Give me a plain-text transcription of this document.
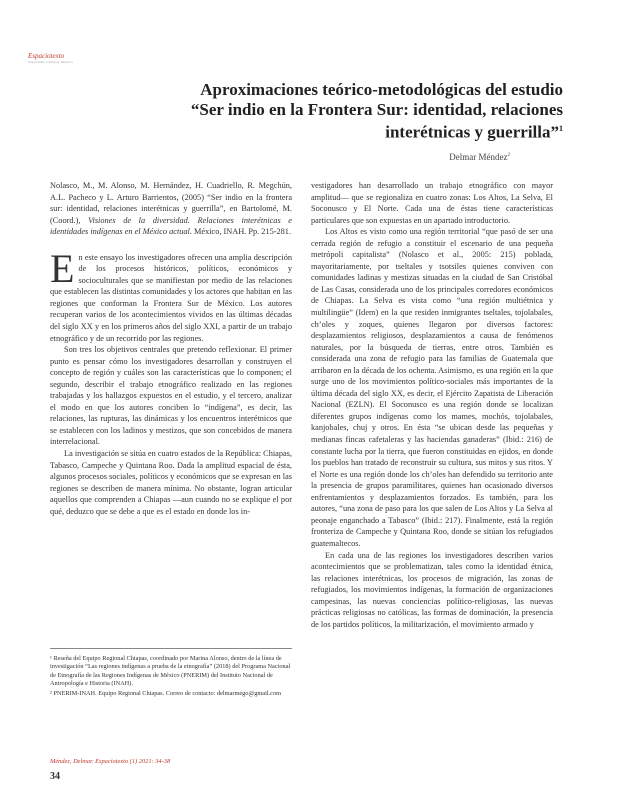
Espaciotexto
Tapachula Chiapas México
Aproximaciones teórico-metodológicas del estudio
“Ser indio en la Frontera Sur: identidad, relaciones
interétnicas y guerrilla”$^1$
Delmar Méndez$^2$

Nolasco, M., M. Alonso, M. Hernández, H. Cuadriello, R. Megchún, A.L. Pacheco y L. Arturo Barrientos, (2005) “Ser indio en la frontera sur: identidad, relaciones interétnicas y guerrilla”, en Bartolomé, M. (Coord.), Visiones de la diversidad. Relaciones interétnicas e identidades indígenas en el México actual. México, INAH. Pp. 215-281.

En este ensayo los investigadores ofrecen una amplia descripción de los procesos históricos, políticos, económicos y socioculturales que se manifiestan por medio de las relaciones que establecen las distintas comunidades y los actores que habitan en las regiones que conforman la Frontera Sur de México. Los autores recuperan varios de los acontecimientos vividos en las últimas décadas del siglo XX y en los primeros años del siglo XXI, a partir de un trabajo etnográfico y de un recorrido por las regiones.

Son tres los objetivos centrales que pretendo reflexionar. El primer punto es pensar cómo los investigadores desarrollan y construyen el concepto de región y cuáles son las características que lo componen; el segundo, describir el trabajo etnográfico realizado en las regiones trabajadas y los hallazgos expuestos en el estudio, y el tercero, analizar el modo en que los autores conciben lo “indígena”, es decir, las relaciones, las rupturas, las dinámicas y los encuentros interétnicos que se establecen con los ladinos y mestizos, que son concebidos de manera interrelacional.

La investigación se sitúa en cuatro estados de la República: Chiapas, Tabasco, Campeche y Quintana Roo. Dada la amplitud espacial de ésta, algunos procesos sociales, políticos y económicos que se expresan en las regiones se describen de manera mínima. No obstante, logran articular aquellos que comprenden a Chiapas —aun cuando no se explique el por qué, deduzco que se debe a que es el estado en donde los in-

vestigadores han desarrollado un trabajo etnográfico con mayor amplitud— que se regionaliza en cuatro zonas: Los Altos, La Selva, El Soconusco y El Norte. Cada una de éstas tiene características particulares que son expuestas en un apartado introductorio.

Los Altos es visto como una región territorial “que pasó de ser una cerrada región de refugio a constituir el escenario de una pequeña metrópoli capitalista” (Nolasco et al., 2005: 215) poblada, mayoritariamente, por tseltales y tsotsiles quienes conviven con comunidades ladinas y mestizas situadas en la ciudad de San Cristóbal de Las Casas, considerada uno de los principales corredores económicos de Chiapas. La Selva es vista como “una región multiétnica y multilingüe” (Idem) en la que residen inmigrantes tseltales, tojolabales, ch’oles y zoques, quienes llegaron por diversos factores: desplazamientos religiosos, desplazamientos a causa de fenómenos naturales, por la búsqueda de tierras, entre otros. También es considerada una zona de refugio para las familias de Guatemala que arribaron en la década de los ochenta. Asimismo, es una región en la que surge uno de los movimientos político-sociales más importantes de la última década del siglo XX, es decir, el Ejército Zapatista de Liberación Nacional (EZLN). El Soconusco es una región donde se localizan diferentes grupos indígenas como los mames, mochós, tojolabales, kanjobales, chuj y otros. En ésta “se ubican desde las pequeñas y medianas fincas cafetaleras y las haciendas ganaderas” (Ibid.: 216) de constante lucha por la tierra, que fueron constituidas en ejidos, en donde los pueblos han tratado de reconstruir su cultura, sus mitos y sus ritos. Y el Norte es una región donde los ch’oles han defendido su territorio ante la presencia de grupos paramilitares, quienes han ocasionado diversos enfrentamientos y desplazamientos forzados. Es también, para los autores, “una zona de paso para los que salen de Los Altos y La Selva al peonaje enganchado a Tabasco” (Ibid.: 217). Finalmente, está la región fronteriza de Campeche y Quintana Roo, donde se sitúan los refugiados guatemaltecos.

En cada una de las regiones los investigadores describen varios acontecimientos que se problematizan, tales como la identidad étnica, las relaciones interétnicas, los procesos de migración, las zonas de refugiados, los movimientos indígenas, la formación de organizaciones campesinas, las nuevas conciencias político-religiosas, las nuevas prácticas religiosas no católicas, las formas de dominación, la presencia de los partidos políticos, la militarización, el movimiento armado y

¹ Reseña del Equipo Regional Chiapas, coordinado por Marina Alonso, dentro de la línea de investigación “Las regiones indígenas a prueba de la etnografía” (2018) del Programa Nacional de Etnografía de las Regiones Indígenas de México (PNERIM) del Instituto Nacional de Antropología e Historia (INAH).

² PNERIM-INAH. Equipo Regional Chiapas. Correo de contacto: delmarmego@gmail.com

Méndez, Delmar. Espaciotexto (1) 2021: 34-38
34
